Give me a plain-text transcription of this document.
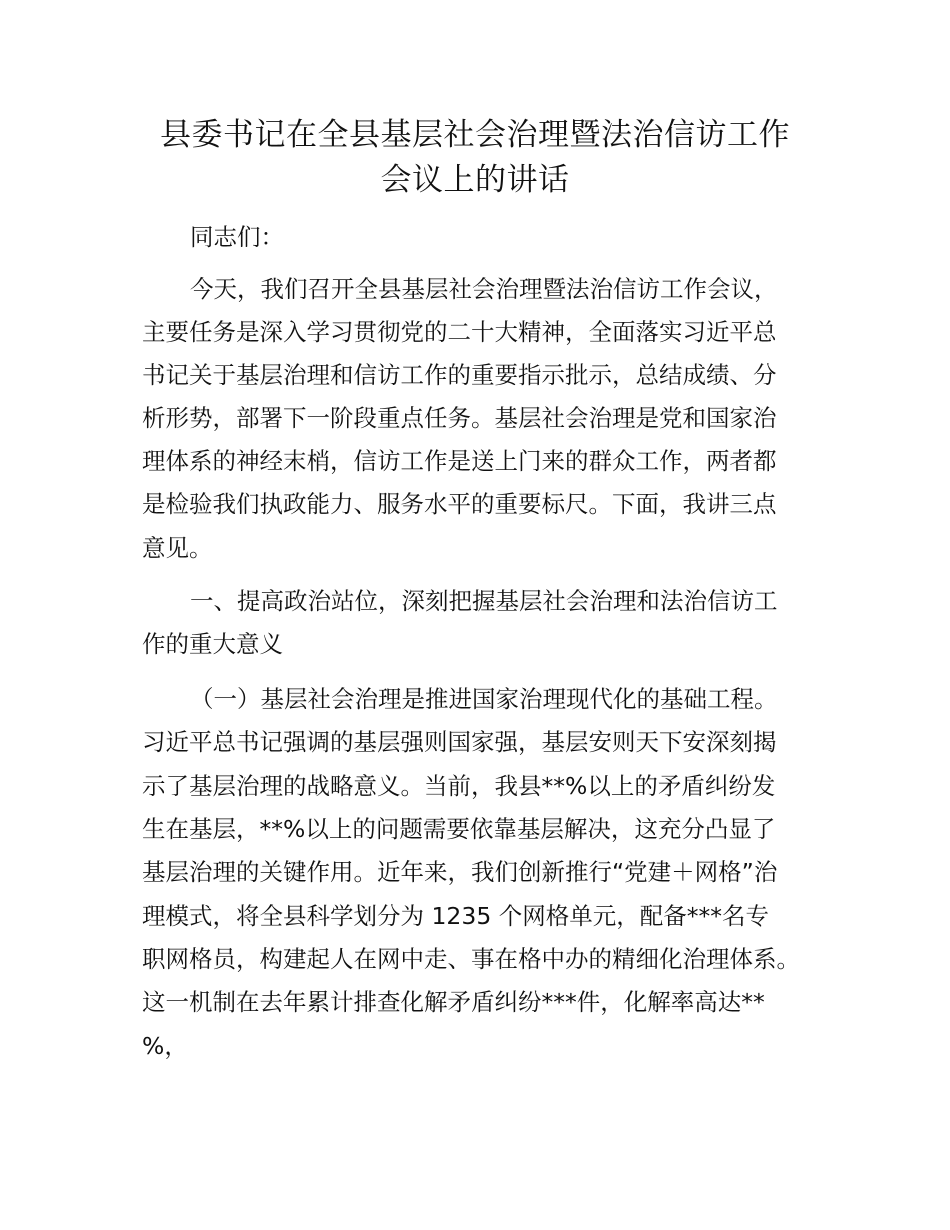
县委书记在全县基层社会治理暨法治信访工作
会议上的讲话

同志们：

今天，我们召开全县基层社会治理暨法治信访工作会议，

主要任务是深入学习贯彻党的二十大精神，全面落实习近平总

书记关于基层治理和信访工作的重要指示批示，总结成绩、分

析形势，部署下一阶段重点任务。基层社会治理是党和国家治

理体系的神经末梢，信访工作是送上门来的群众工作，两者都

是检验我们执政能力、服务水平的重要标尺。下面，我讲三点

意见。

一、提高政治站位，深刻把握基层社会治理和法治信访工

作的重大意义

（一）基层社会治理是推进国家治理现代化的基础工程。

习近平总书记强调的基层强则国家强，基层安则天下安深刻揭

示了基层治理的战略意义。当前，我县**%以上的矛盾纠纷发

生在基层，**%以上的问题需要依靠基层解决，这充分凸显了

基层治理的关键作用。近年来，我们创新推行“党建＋网格”治

理模式，将全县科学划分为 1235 个网格单元，配备***名专

职网格员，构建起人在网中走、事在格中办的精细化治理体系。

这一机制在去年累计排查化解矛盾纠纷***件，化解率高达**

%，
